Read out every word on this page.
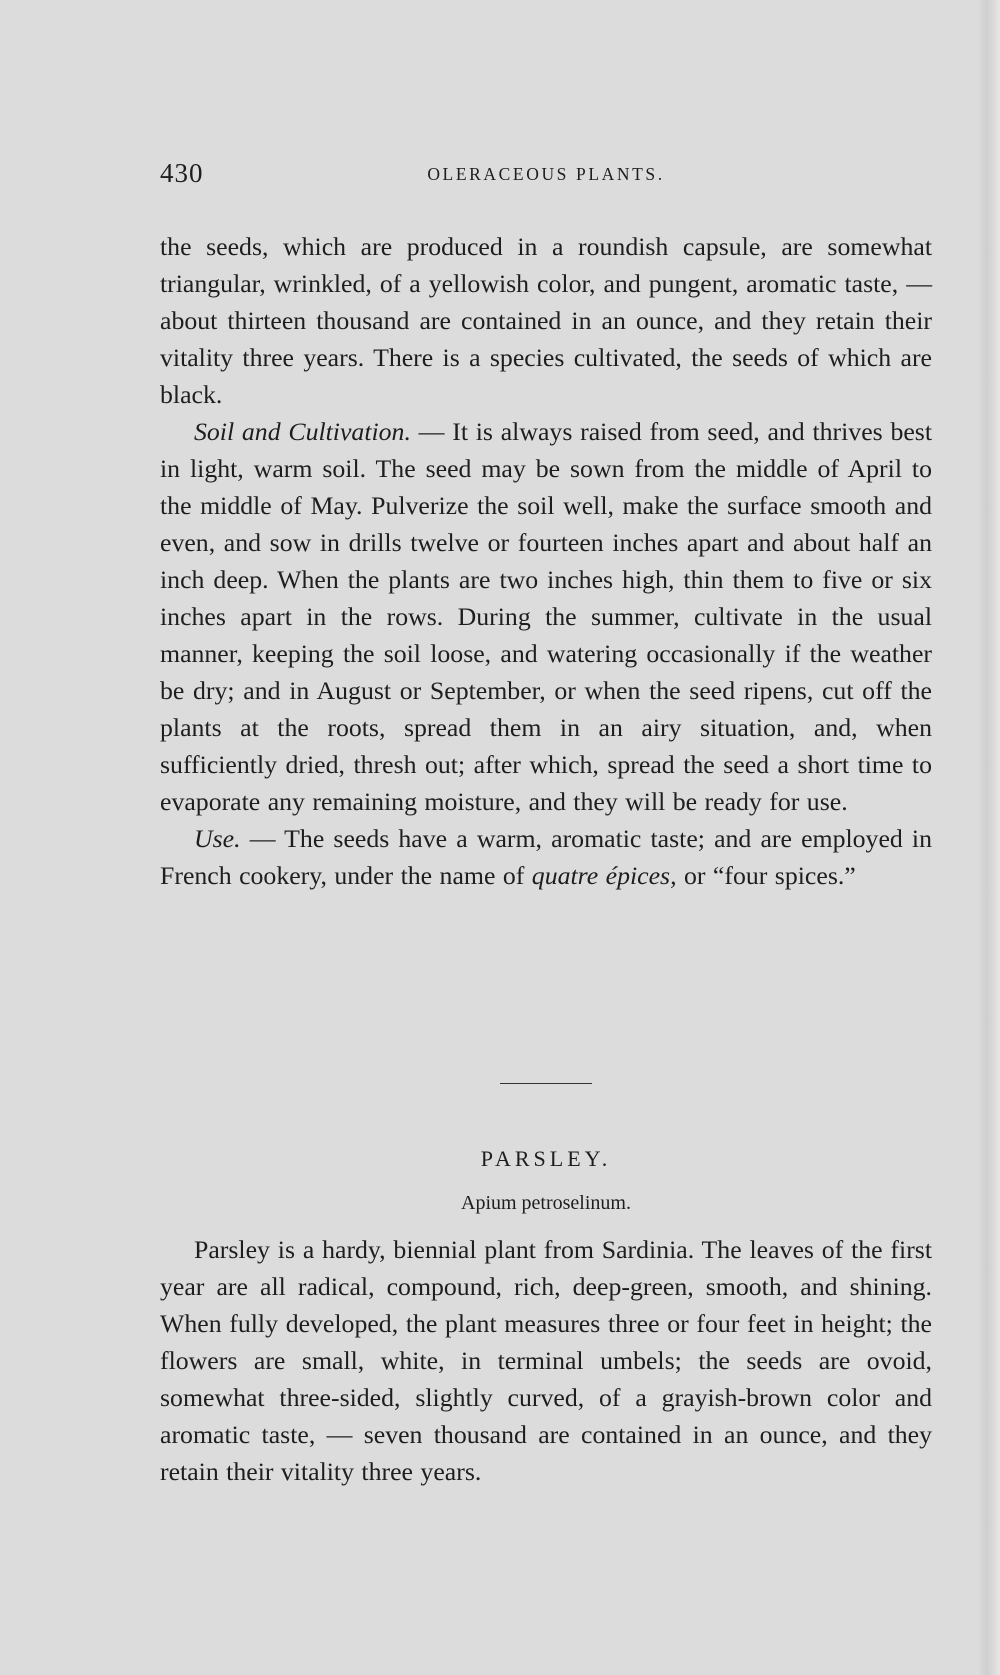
430	OLERACEOUS PLANTS.

the seeds, which are produced in a roundish capsule, are somewhat triangular, wrinkled, of a yellowish color, and pungent, aromatic taste, — about thirteen thousand are contained in an ounce, and they retain their vitality three years. There is a species cultivated, the seeds of which are black.

Soil and Cultivation. — It is always raised from seed, and thrives best in light, warm soil. The seed may be sown from the middle of April to the middle of May. Pulverize the soil well, make the surface smooth and even, and sow in drills twelve or fourteen inches apart and about half an inch deep. When the plants are two inches high, thin them to five or six inches apart in the rows. During the summer, cultivate in the usual manner, keeping the soil loose, and watering occasionally if the weather be dry; and in August or September, or when the seed ripens, cut off the plants at the roots, spread them in an airy situation, and, when sufficiently dried, thresh out; after which, spread the seed a short time to evaporate any remaining moisture, and they will be ready for use.

Use. — The seeds have a warm, aromatic taste; and are employed in French cookery, under the name of quatre épices, or “four spices.”

PARSLEY.
Apium petroselinum.

Parsley is a hardy, biennial plant from Sardinia. The leaves of the first year are all radical, compound, rich, deep-green, smooth, and shining. When fully developed, the plant measures three or four feet in height; the flowers are small, white, in terminal umbels; the seeds are ovoid, somewhat three-sided, slightly curved, of a grayish-brown color and aromatic taste, — seven thousand are contained in an ounce, and they retain their vitality three years.
